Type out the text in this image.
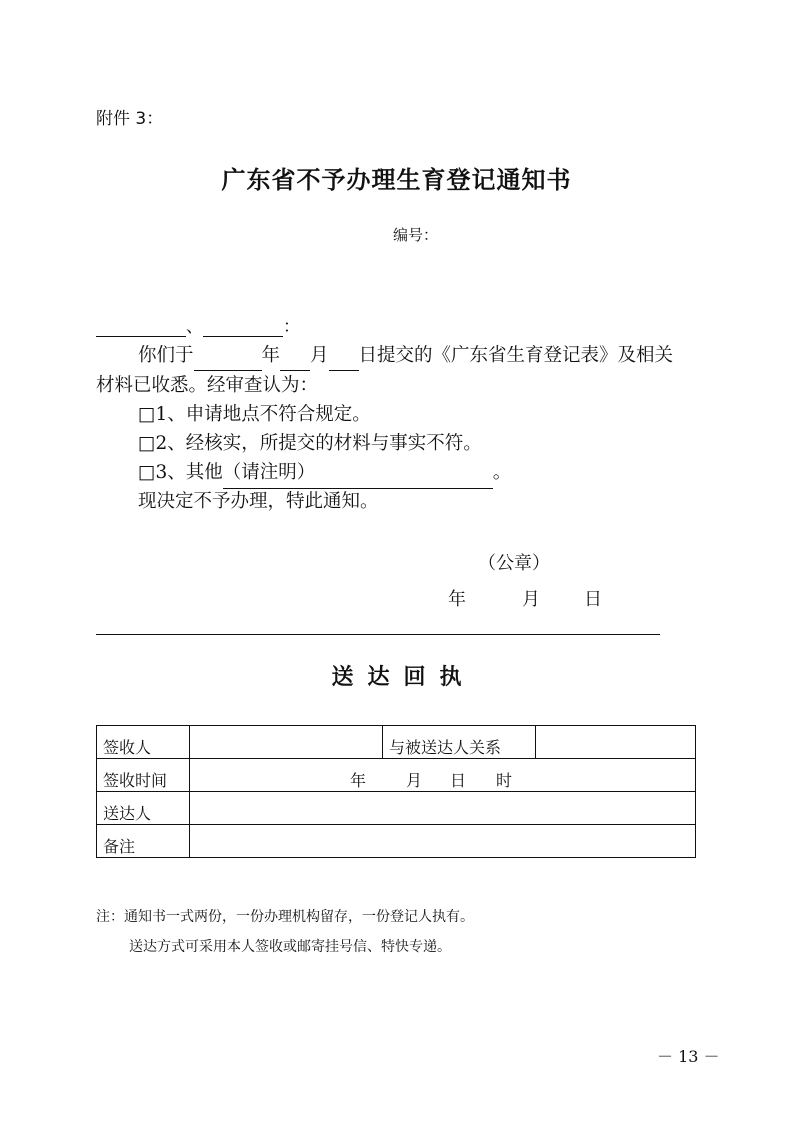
附件 3：
广东省不予办理生育登记通知书
编号：
、	：
你们于	年 月 日提交的《广东省生育登记表》及相关
材料已收悉。经审查认为：
□1、申请地点不符合规定。
□2、经核实，所提交的材料与事实不符。
□3、其他（请注明）	。
现决定不予办理，特此通知。
（公章）
年	月 日
送达回执
签收人		与被送达人关系	
签收时间	年 月 日 时		
送达人			
备注			
注：通知书一式两份，一份办理机构留存，一份登记人执有。
送达方式可采用本人签收或邮寄挂号信、特快专递。
－ 13 －
